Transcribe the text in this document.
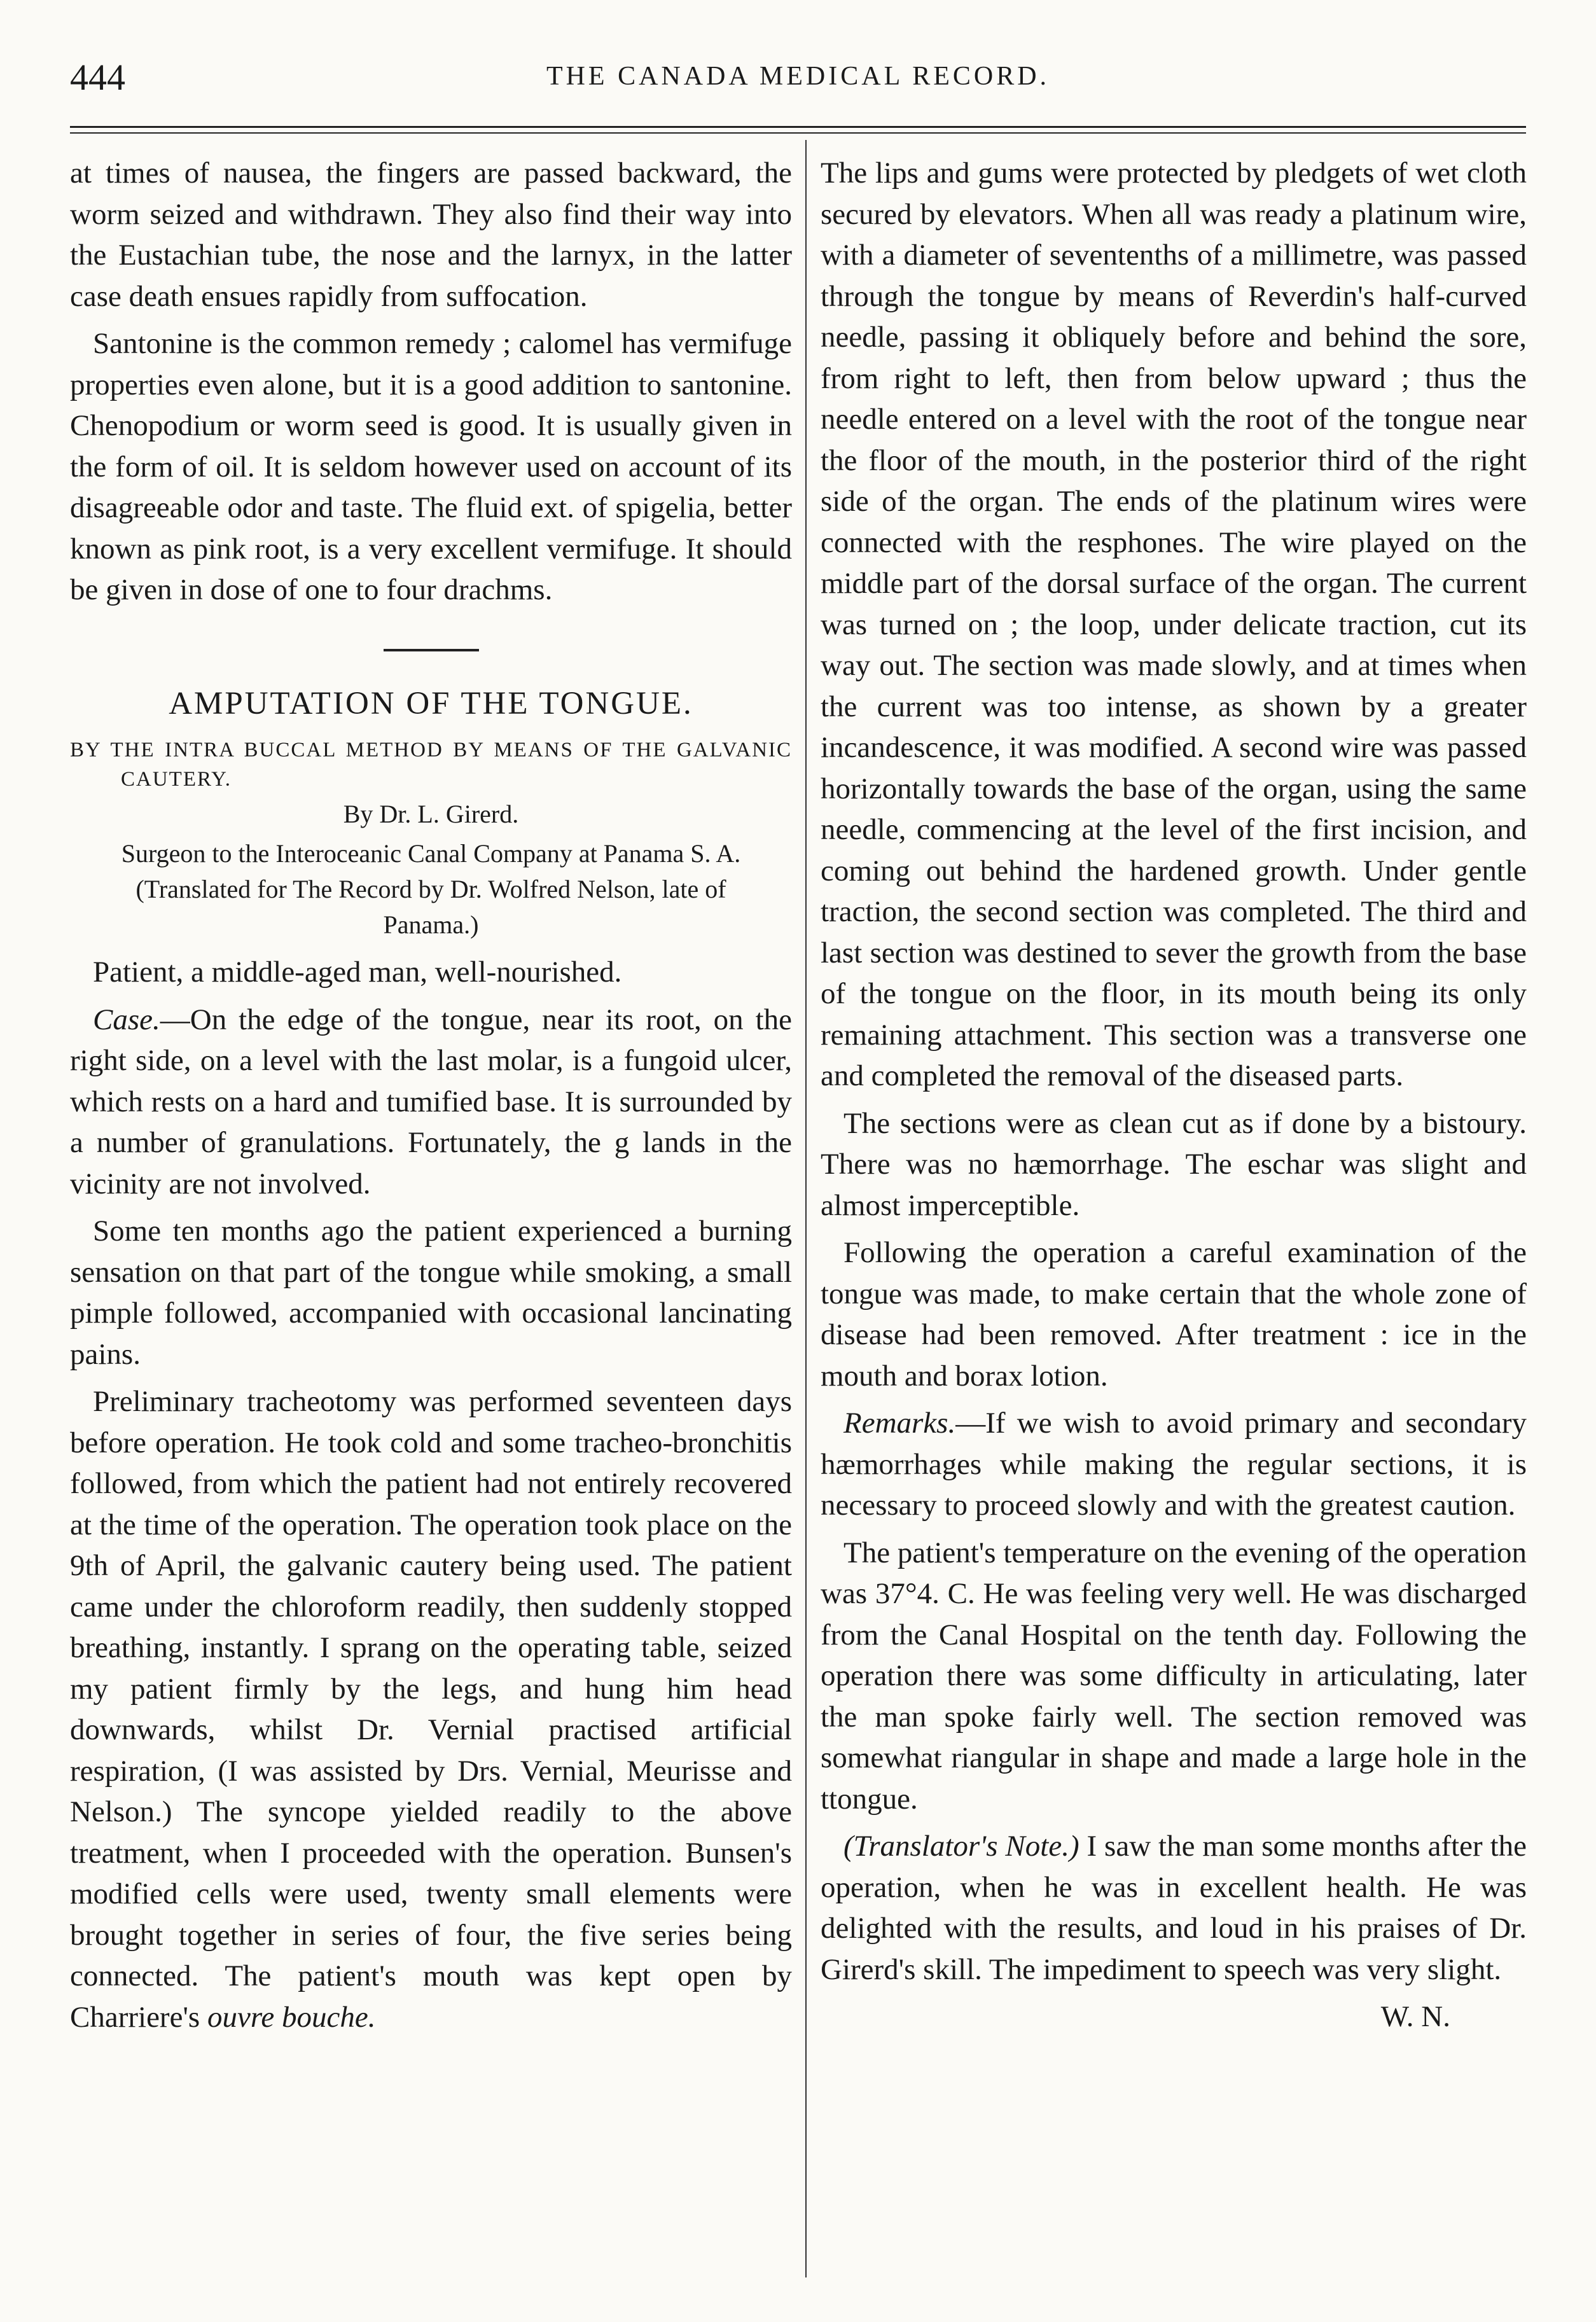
444	THE CANADA MEDICAL RECORD.

at times of nausea, the fingers are passed backward, the worm seized and withdrawn. They also find their way into the Eustachian tube, the nose and the larnyx, in the latter case death ensues rapidly from suffocation.

Santonine is the common remedy ; calomel has vermifuge properties even alone, but it is a good addition to santonine. Chenopodium or worm seed is good. It is usually given in the form of oil. It is seldom however used on account of its disagreeable odor and taste. The fluid ext. of spigelia, better known as pink root, is a very excellent vermifuge. It should be given in dose of one to four drachms.

AMPUTATION OF THE TONGUE.

BY THE INTRA BUCCAL METHOD BY MEANS OF THE GALVANIC CAUTERY.

By Dr. L. Girerd.
Surgeon to the Interoceanic Canal Company at Panama S. A. (Translated for The Record by Dr. Wolfred Nelson, late of Panama.)

Patient, a middle-aged man, well-nourished.

Case.—On the edge of the tongue, near its root, on the right side, on a level with the last molar, is a fungoid ulcer, which rests on a hard and tumified base. It is surrounded by a number of granulations. Fortunately, the g lands in the vicinity are not involved.

Some ten months ago the patient experienced a burning sensation on that part of the tongue while smoking, a small pimple followed, accompanied with occasional lancinating pains.

Preliminary tracheotomy was performed seventeen days before operation. He took cold and some tracheo-bronchitis followed, from which the patient had not entirely recovered at the time of the operation. The operation took place on the 9th of April, the galvanic cautery being used. The patient came under the chloroform readily, then suddenly stopped breathing, instantly. I sprang on the operating table, seized my patient firmly by the legs, and hung him head downwards, whilst Dr. Vernial practised artificial respiration, (I was assisted by Drs. Vernial, Meurisse and Nelson.) The syncope yielded readily to the above treatment, when I proceeded with the operation. Bunsen's modified cells were used, twenty small elements were brought together in series of four, the five series being connected. The patient's mouth was kept open by Charriere's ouvre bouche.

The lips and gums were protected by pledgets of wet cloth secured by elevators. When all was ready a platinum wire, with a diameter of seventenths of a millimetre, was passed through the tongue by means of Reverdin's half-curved needle, passing it obliquely before and behind the sore, from right to left, then from below upward ; thus the needle entered on a level with the root of the tongue near the floor of the mouth, in the posterior third of the right side of the organ. The ends of the platinum wires were connected with the resphones. The wire played on the middle part of the dorsal surface of the organ. The current was turned on ; the loop, under delicate traction, cut its way out. The section was made slowly, and at times when the current was too intense, as shown by a greater incandescence, it was modified. A second wire was passed horizontally towards the base of the organ, using the same needle, commencing at the level of the first incision, and coming out behind the hardened growth. Under gentle traction, the second section was completed. The third and last section was destined to sever the growth from the base of the tongue on the floor, in its mouth being its only remaining attachment. This section was a transverse one and completed the removal of the diseased parts.

The sections were as clean cut as if done by a bistoury. There was no hæmorrhage. The eschar was slight and almost imperceptible.

Following the operation a careful examination of the tongue was made, to make certain that the whole zone of disease had been removed. After treatment : ice in the mouth and borax lotion.

Remarks.—If we wish to avoid primary and secondary hæmorrhages while making the regular sections, it is necessary to proceed slowly and with the greatest caution.

The patient's temperature on the evening of the operation was 37°4. C. He was feeling very well. He was discharged from the Canal Hospital on the tenth day. Following the operation there was some difficulty in articulating, later the man spoke fairly well. The section removed was somewhat riangular in shape and made a large hole in the ttongue.

(Translator's Note.) I saw the man some months after the operation, when he was in excellent health. He was delighted with the results, and loud in his praises of Dr. Girerd's skill. The impediment to speech was very slight.

W. N.
